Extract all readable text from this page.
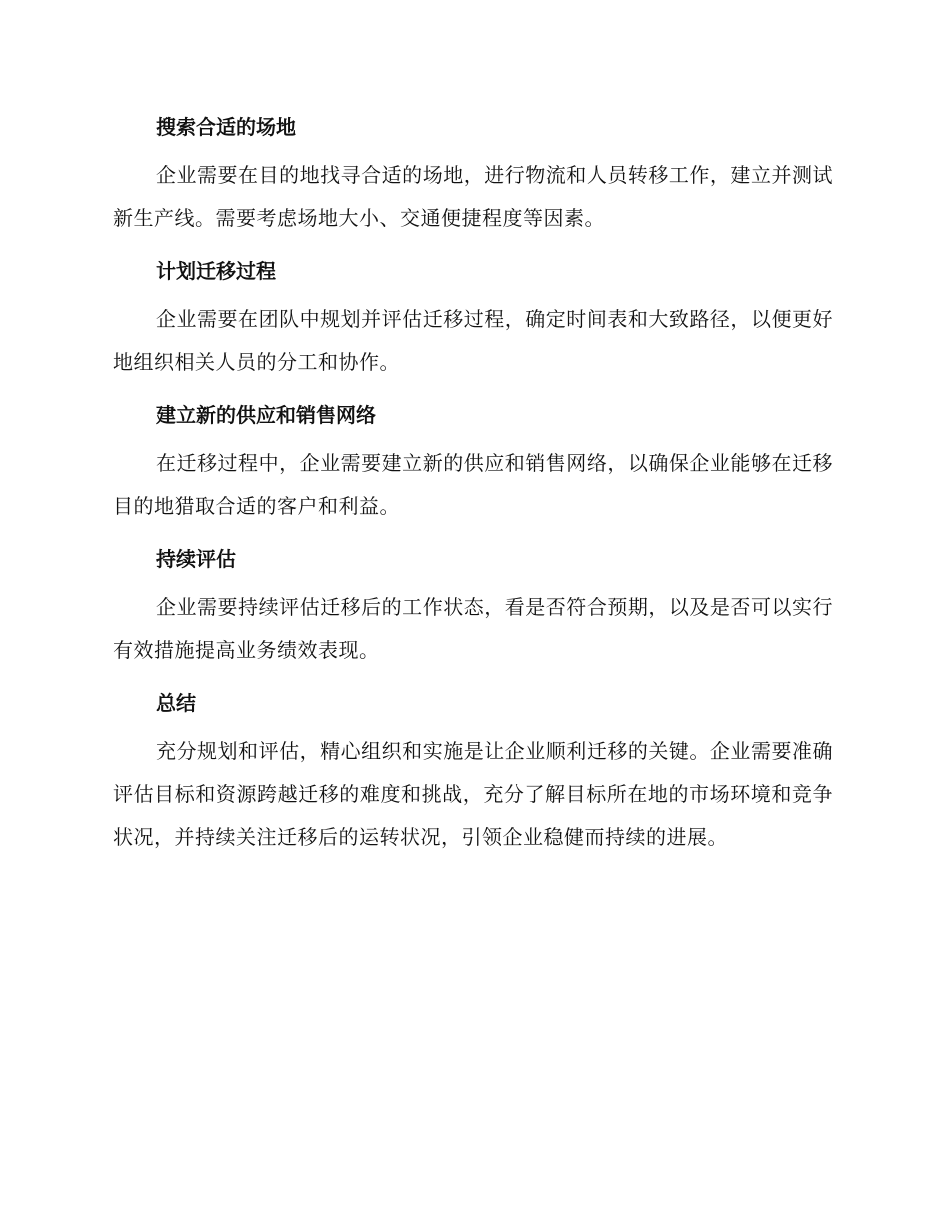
搜索合适的场地

企业需要在目的地找寻合适的场地，进行物流和人员转移工作，建立并测试新生产线。需要考虑场地大小、交通便捷程度等因素。

计划迁移过程

企业需要在团队中规划并评估迁移过程，确定时间表和大致路径，以便更好地组织相关人员的分工和协作。

建立新的供应和销售网络

在迁移过程中，企业需要建立新的供应和销售网络，以确保企业能够在迁移目的地猎取合适的客户和利益。

持续评估

企业需要持续评估迁移后的工作状态，看是否符合预期，以及是否可以实行有效措施提高业务绩效表现。

总结

充分规划和评估，精心组织和实施是让企业顺利迁移的关键。企业需要准确评估目标和资源跨越迁移的难度和挑战，充分了解目标所在地的市场环境和竞争状况，并持续关注迁移后的运转状况，引领企业稳健而持续的进展。
